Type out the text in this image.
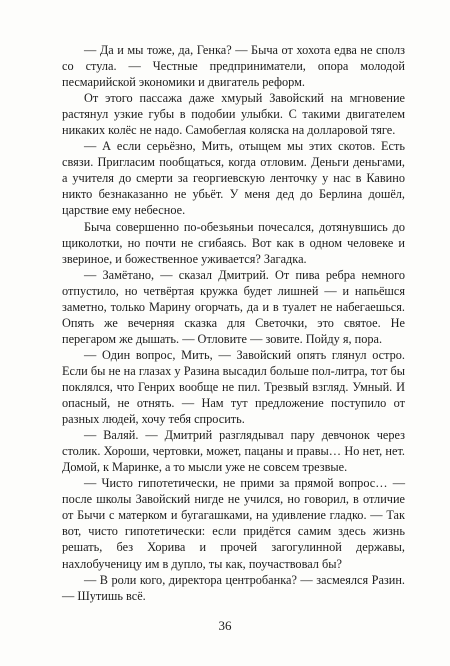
— Да и мы тоже, да, Генка? — Быча от хохота едва не сполз со стула. — Честные предприниматели, опора молодой песмарийской экономики и двигатель реформ.

От этого пассажа даже хмурый Завойский на мгновение растянул узкие губы в подобии улыбки. С такими двигателем никаких колёс не надо. Самобеглая коляска на долларовой тяге.

— А если серьёзно, Мить, отыщем мы этих скотов. Есть связи. Пригласим пообщаться, когда отловим. Деньги деньгами, а учителя до смерти за георгиевскую ленточку у нас в Кавино никто безнаказанно не убьёт. У меня дед до Берлина дошёл, царствие ему небесное.

Быча совершенно по-обезьяньи почесался, дотянувшись до щиколотки, но почти не сгибаясь. Вот как в одном человеке и звериное, и божественное уживается? Загадка.

— Замётано, — сказал Дмитрий. От пива ребра немного отпустило, но четвёртая кружка будет лишней — и напьёшся заметно, только Марину огорчать, да и в туалет не набегаешься. Опять же вечерняя сказка для Светочки, это святое. Не перегаром же дышать. — Отловите — зовите. Пойду я, пора.

— Один вопрос, Мить, — Завойский опять глянул остро. Если бы не на глазах у Разина высадил больше пол-литра, тот бы поклялся, что Генрих вообще не пил. Трезвый взгляд. Умный. И опасный, не отнять. — Нам тут предложение поступило от разных людей, хочу тебя спросить.

— Валяй. — Дмитрий разглядывал пару девчонок через столик. Хороши, чертовки, может, пацаны и правы… Но нет, нет. Домой, к Маринке, а то мысли уже не совсем трезвые.

— Чисто гипотетически, не прими за прямой вопрос… — после школы Завойский нигде не учился, но говорил, в отличие от Бычи с матерком и бугагашками, на удивление гладко. — Так вот, чисто гипотетически: если придётся самим здесь жизнь решать, без Хорива и прочей загогулинной державы, нахлобученицу им в дупло, ты как, поучаствовал бы?

— В роли кого, директора центробанка? — засмеялся Разин. — Шутишь всё.

36
